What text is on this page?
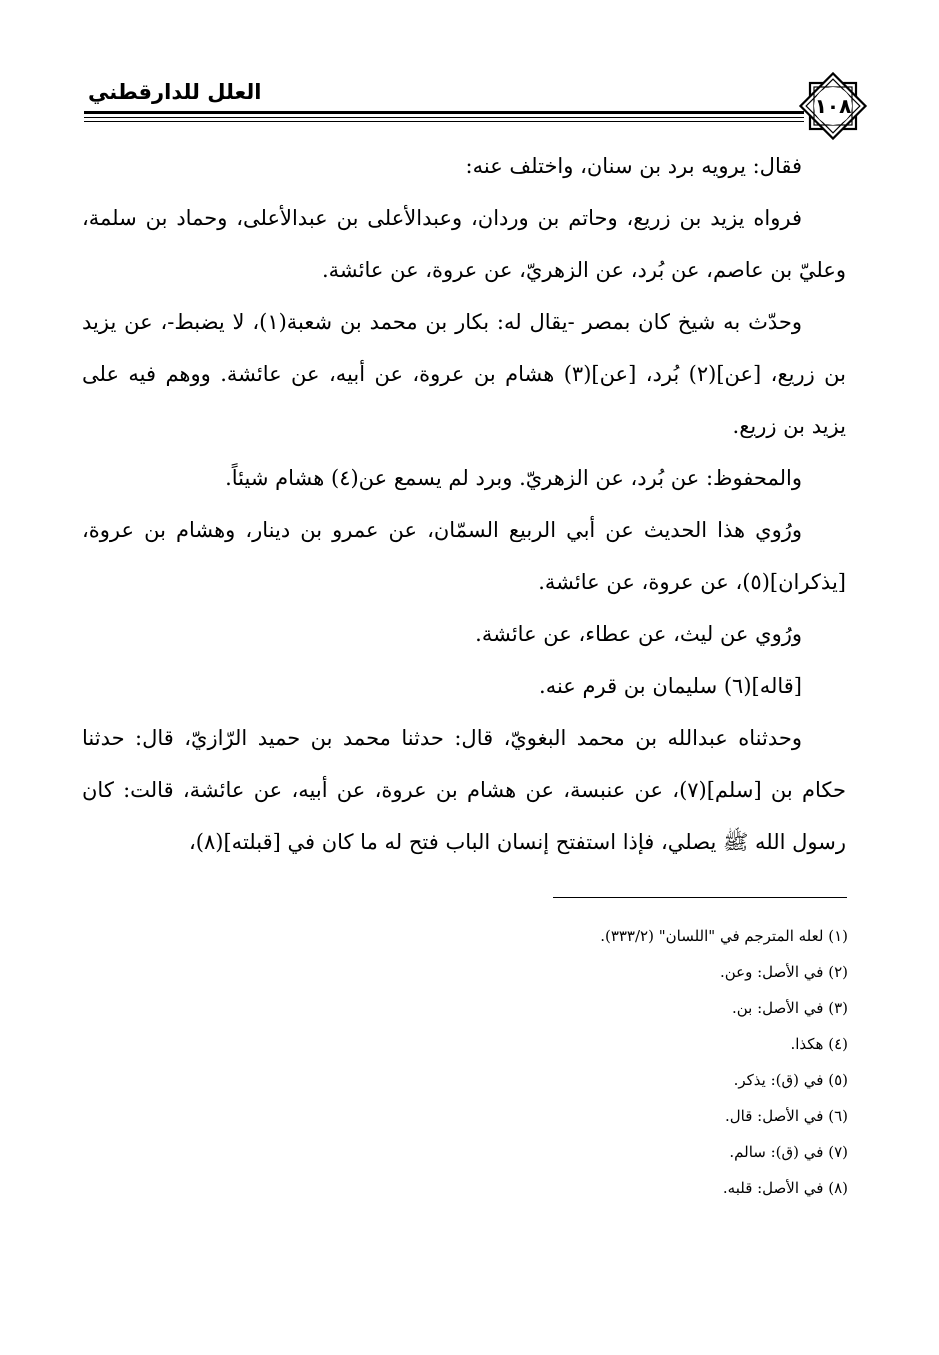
العلل للدارقطني
١٠٨

فقال: يرويه برد بن سنان، واختلف عنه:

فرواه يزيد بن زريع، وحاتم بن وردان، وعبدالأعلى بن عبدالأعلى، وحماد بن سلمة، وعليّ بن عاصم، عن بُرد، عن الزهريّ، عن عروة، عن عائشة.

وحدّث به شيخ كان بمصر -يقال له: بكار بن محمد بن شعبة(١)، لا يضبط-، عن يزيد بن زريع، [عن](٢) بُرد، [عن](٣) هشام بن عروة، عن أبيه، عن عائشة. ووهم فيه على يزيد بن زريع.

والمحفوظ: عن بُرد، عن الزهريّ. وبرد لم يسمع عن(٤) هشام شيئاً.

ورُوي هذا الحديث عن أبي الربيع السمّان، عن عمرو بن دينار، وهشام بن عروة، [يذكران](٥)، عن عروة، عن عائشة.

ورُوي عن ليث، عن عطاء، عن عائشة.

[قاله](٦) سليمان بن قرم عنه.

وحدثناه عبدالله بن محمد البغويّ، قال: حدثنا محمد بن حميد الرّازيّ، قال: حدثنا حكام بن [سلم](٧)، عن عنبسة، عن هشام بن عروة، عن أبيه، عن عائشة، قالت: كان رسول الله ﷺ يصلي، فإذا استفتح إنسان الباب فتح له ما كان في [قبلته](٨)،

(١) لعله المترجم في "اللسان" (٣٣٣/٢).
(٢) في الأصل: وعن.
(٣) في الأصل: بن.
(٤) هكذا.
(٥) في (ق): يذكر.
(٦) في الأصل: قال.
(٧) في (ق): سالم.
(٨) في الأصل: قلبه.
